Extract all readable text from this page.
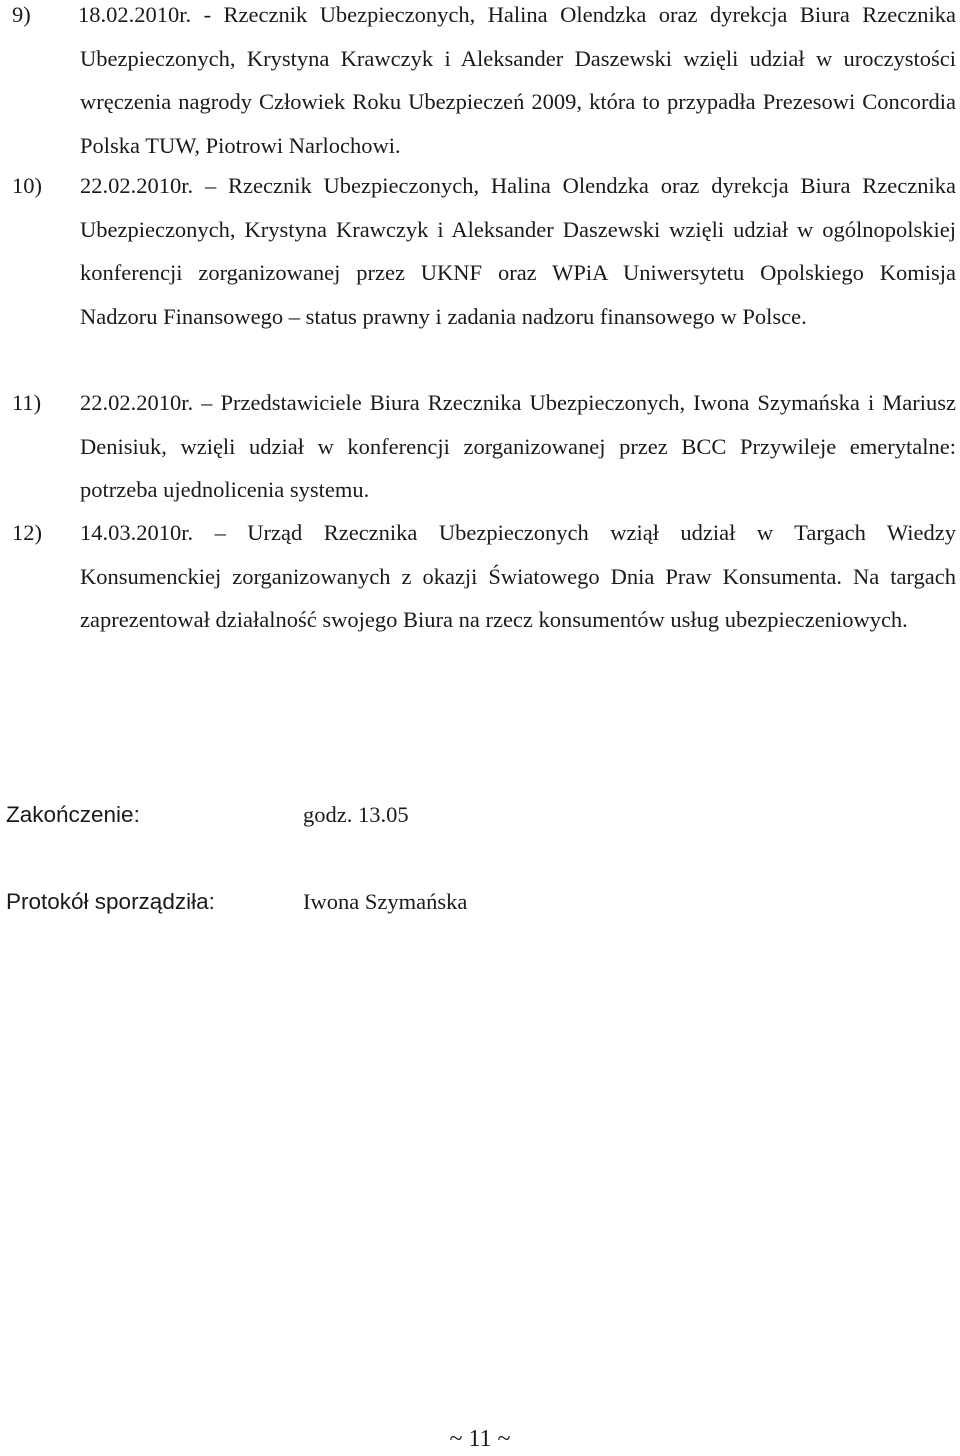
9) 18.02.2010r. - Rzecznik Ubezpieczonych, Halina Olendzka oraz dyrekcja Biura Rzecznika Ubezpieczonych, Krystyna Krawczyk i Aleksander Daszewski wzięli udział w uroczystości wręczenia nagrody Człowiek Roku Ubezpieczeń 2009, która to przypadła Prezesowi Concordia Polska TUW, Piotrowi Narlochowi.
10) 22.02.2010r. – Rzecznik Ubezpieczonych, Halina Olendzka oraz dyrekcja Biura Rzecznika Ubezpieczonych, Krystyna Krawczyk i Aleksander Daszewski wzięli udział w ogólnopolskiej konferencji zorganizowanej przez UKNF oraz WPiA Uniwersytetu Opolskiego Komisja Nadzoru Finansowego – status prawny i zadania nadzoru finansowego w Polsce.
11) 22.02.2010r. – Przedstawiciele Biura Rzecznika Ubezpieczonych, Iwona Szymańska i Mariusz Denisiuk, wzięli udział w konferencji zorganizowanej przez BCC Przywileje emerytalne: potrzeba ujednolicenia systemu.
12) 14.03.2010r. – Urząd Rzecznika Ubezpieczonych wziął udział w Targach Wiedzy Konsumenckiej zorganizowanych z okazji Światowego Dnia Praw Konsumenta. Na targach zaprezentował działalność swojego Biura na rzecz konsumentów usług ubezpieczeniowych.
Zakończenie:	godz. 13.05
Protokół sporządziła:	Iwona Szymańska
~ 11 ~
